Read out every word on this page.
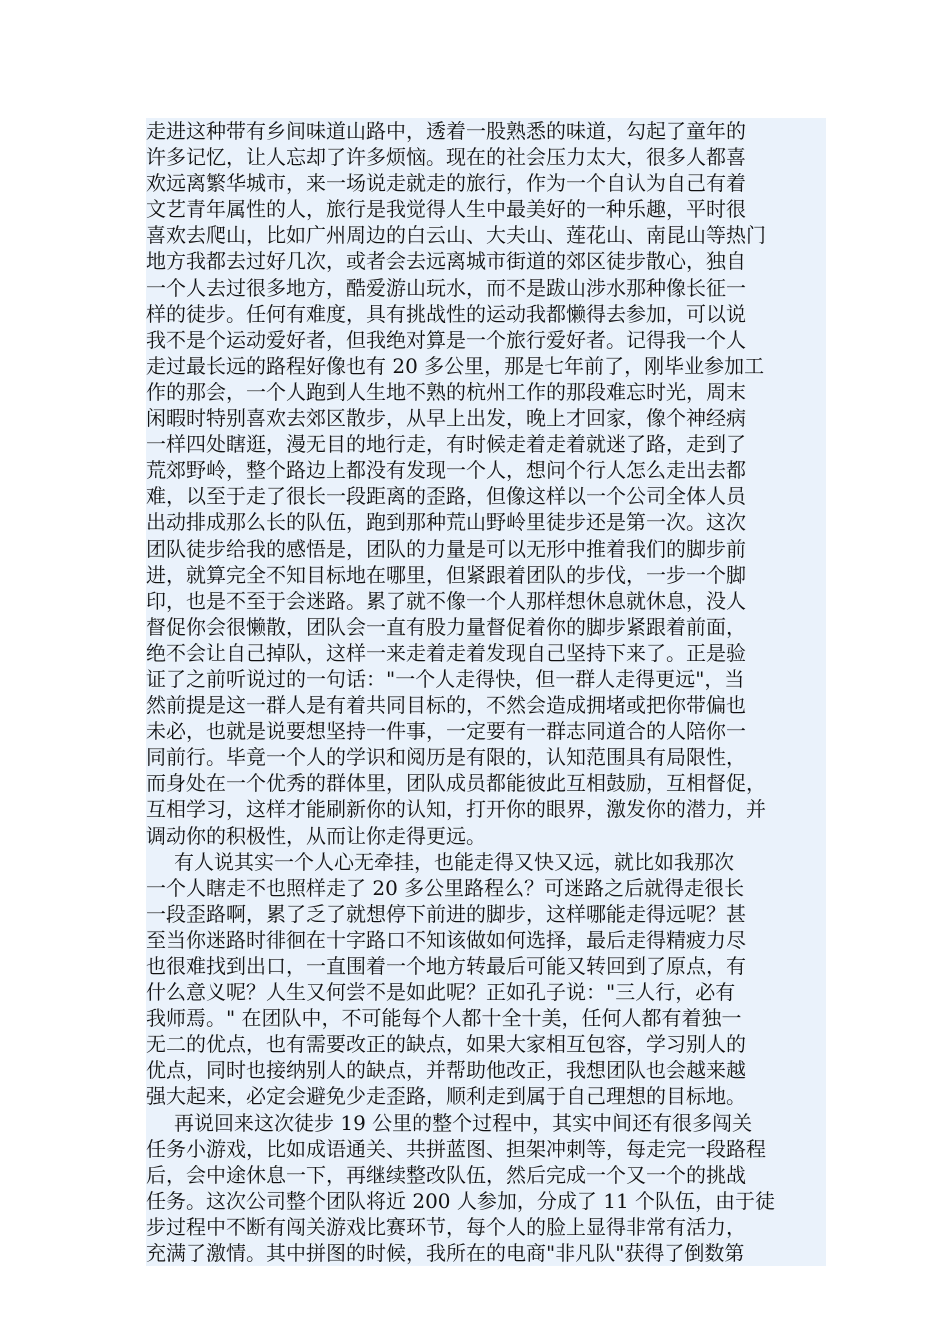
走进这种带有乡间味道山路中，透着一股熟悉的味道，勾起了童年的
许多记忆，让人忘却了许多烦恼。现在的社会压力太大，很多人都喜
欢远离繁华城市，来一场说走就走的旅行，作为一个自认为自己有着
文艺青年属性的人，旅行是我觉得人生中最美好的一种乐趣，平时很
喜欢去爬山，比如广州周边的白云山、大夫山、莲花山、南昆山等热门
地方我都去过好几次，或者会去远离城市街道的郊区徒步散心，独自
一个人去过很多地方，酷爱游山玩水，而不是跋山涉水那种像长征一
样的徒步。任何有难度，具有挑战性的运动我都懒得去参加，可以说
我不是个运动爱好者，但我绝对算是一个旅行爱好者。记得我一个人
走过最长远的路程好像也有 20 多公里，那是七年前了，刚毕业参加工
作的那会，一个人跑到人生地不熟的杭州工作的那段难忘时光，周末
闲暇时特别喜欢去郊区散步，从早上出发，晚上才回家，像个神经病
一样四处瞎逛，漫无目的地行走，有时候走着走着就迷了路，走到了
荒郊野岭，整个路边上都没有发现一个人，想问个行人怎么走出去都
难，以至于走了很长一段距离的歪路，但像这样以一个公司全体人员
出动排成那么长的队伍，跑到那种荒山野岭里徒步还是第一次。这次
团队徒步给我的感悟是，团队的力量是可以无形中推着我们的脚步前
进，就算完全不知目标地在哪里，但紧跟着团队的步伐，一步一个脚
印，也是不至于会迷路。累了就不像一个人那样想休息就休息，没人
督促你会很懒散，团队会一直有股力量督促着你的脚步紧跟着前面，
绝不会让自己掉队，这样一来走着走着发现自己坚持下来了。正是验
证了之前听说过的一句话："一个人走得快，但一群人走得更远"，当
然前提是这一群人是有着共同目标的，不然会造成拥堵或把你带偏也
未必，也就是说要想坚持一件事，一定要有一群志同道合的人陪你一
同前行。毕竟一个人的学识和阅历是有限的，认知范围具有局限性，
而身处在一个优秀的群体里，团队成员都能彼此互相鼓励，互相督促，
互相学习，这样才能刷新你的认知，打开你的眼界，激发你的潜力，并
调动你的积极性，从而让你走得更远。
有人说其实一个人心无牵挂，也能走得又快又远，就比如我那次
一个人瞎走不也照样走了 20 多公里路程么？可迷路之后就得走很长
一段歪路啊，累了乏了就想停下前进的脚步，这样哪能走得远呢？甚
至当你迷路时徘徊在十字路口不知该做如何选择，最后走得精疲力尽
也很难找到出口，一直围着一个地方转最后可能又转回到了原点，有
什么意义呢？人生又何尝不是如此呢？正如孔子说："三人行，必有
我师焉。" 在团队中，不可能每个人都十全十美，任何人都有着独一
无二的优点，也有需要改正的缺点，如果大家相互包容，学习别人的
优点，同时也接纳别人的缺点，并帮助他改正，我想团队也会越来越
强大起来，必定会避免少走歪路，顺利走到属于自己理想的目标地。
再说回来这次徒步 19 公里的整个过程中，其实中间还有很多闯关
任务小游戏，比如成语通关、共拼蓝图、担架冲刺等，每走完一段路程
后，会中途休息一下，再继续整改队伍，然后完成一个又一个的挑战
任务。这次公司整个团队将近 200 人参加，分成了 11 个队伍，由于徒
步过程中不断有闯关游戏比赛环节，每个人的脸上显得非常有活力，
充满了激情。其中拼图的时候，我所在的电商"非凡队"获得了倒数第
